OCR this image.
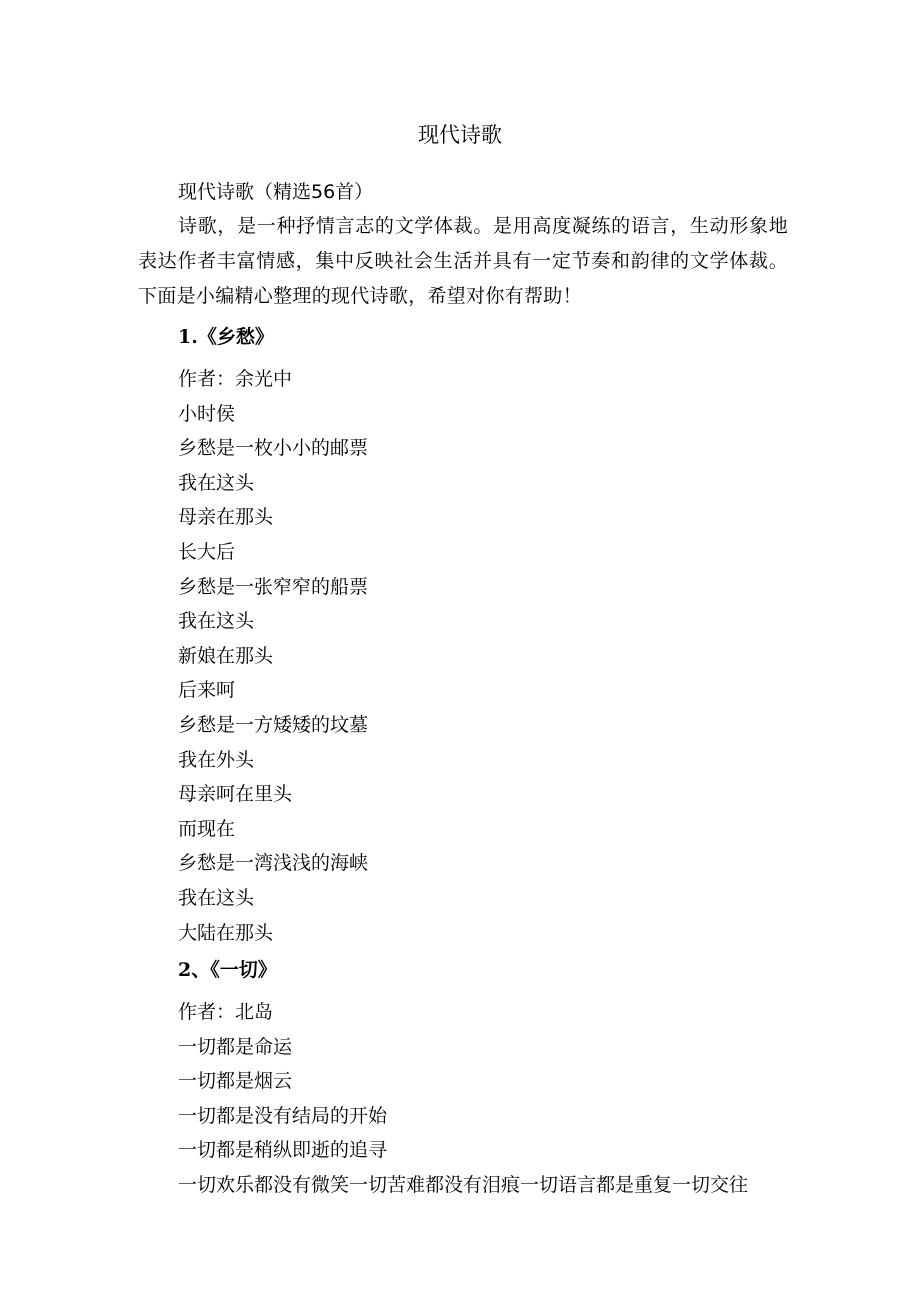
现代诗歌
现代诗歌（精选56首）

诗歌，是一种抒情言志的文学体裁。是用高度凝练的语言，生动形象地表达作者丰富情感，集中反映社会生活并具有一定节奏和韵律的文学体裁。下面是小编精心整理的现代诗歌，希望对你有帮助！

1.《乡愁》
作者：余光中
小时侯
乡愁是一枚小小的邮票
我在这头
母亲在那头
长大后
乡愁是一张窄窄的船票
我在这头
新娘在那头
后来呵
乡愁是一方矮矮的坟墓
我在外头
母亲呵在里头
而现在
乡愁是一湾浅浅的海峡
我在这头
大陆在那头
2、《一切》
作者：北岛
一切都是命运
一切都是烟云
一切都是没有结局的开始
一切都是稍纵即逝的追寻
一切欢乐都没有微笑一切苦难都没有泪痕一切语言都是重复一切交往
